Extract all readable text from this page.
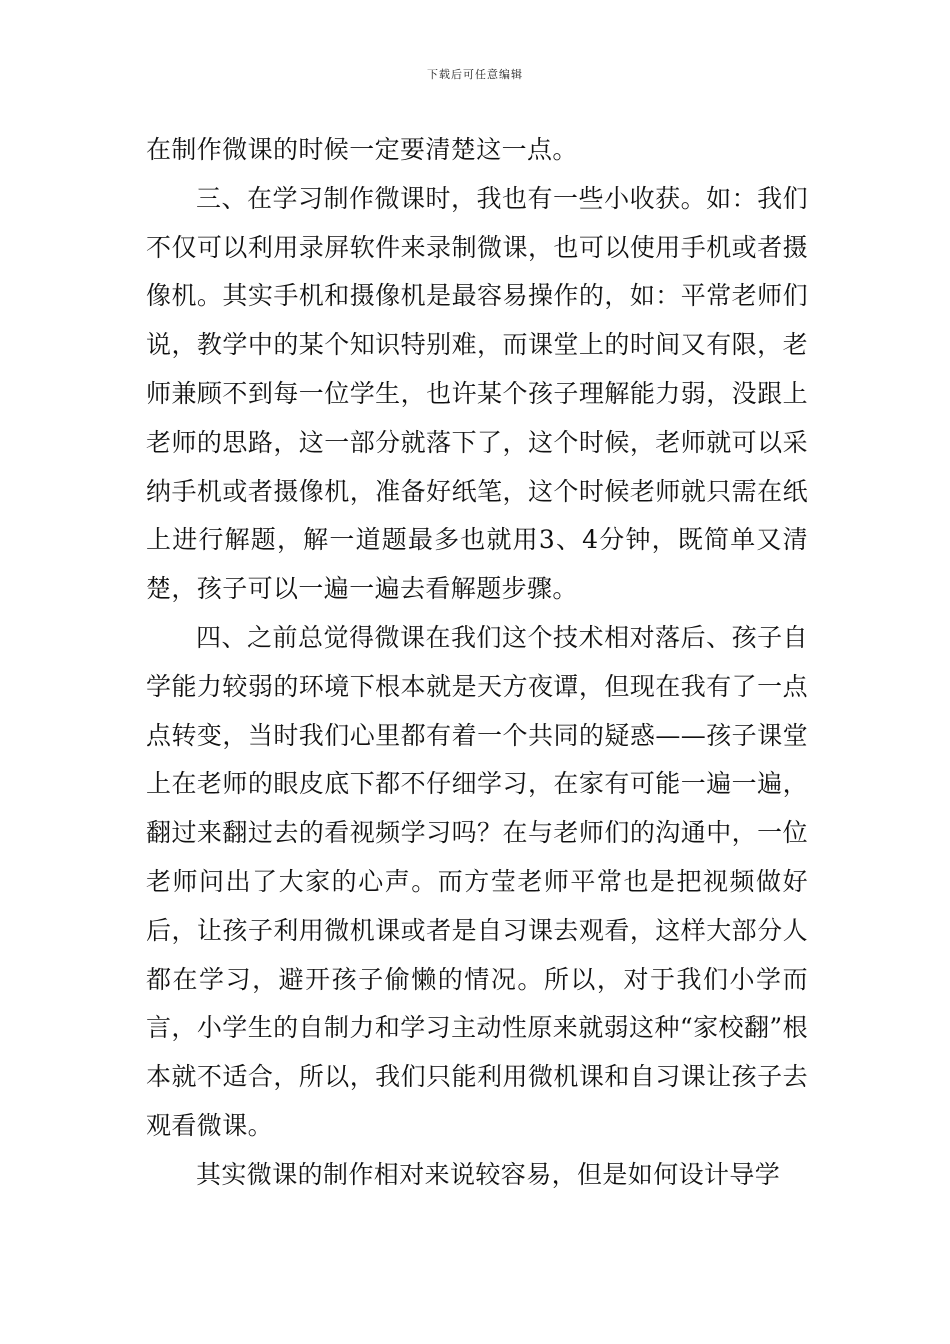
下载后可任意编辑

在制作微课的时候一定要清楚这一点。

三、在学习制作微课时，我也有一些小收获。如：我们不仅可以利用录屏软件来录制微课，也可以使用手机或者摄像机。其实手机和摄像机是最容易操作的，如：平常老师们说，教学中的某个知识特别难，而课堂上的时间又有限，老师兼顾不到每一位学生，也许某个孩子理解能力弱，没跟上老师的思路，这一部分就落下了，这个时候，老师就可以采纳手机或者摄像机，准备好纸笔，这个时候老师就只需在纸上进行解题，解一道题最多也就用3、4分钟，既简单又清楚，孩子可以一遍一遍去看解题步骤。

四、之前总觉得微课在我们这个技术相对落后、孩子自学能力较弱的环境下根本就是天方夜谭，但现在我有了一点点转变，当时我们心里都有着一个共同的疑惑——孩子课堂上在老师的眼皮底下都不仔细学习，在家有可能一遍一遍，翻过来翻过去的看视频学习吗？在与老师们的沟通中，一位老师问出了大家的心声。而方莹老师平常也是把视频做好后，让孩子利用微机课或者是自习课去观看，这样大部分人都在学习，避开孩子偷懒的情况。所以，对于我们小学而言，小学生的自制力和学习主动性原来就弱这种“家校翻”根本就不适合，所以，我们只能利用微机课和自习课让孩子去观看微课。

其实微课的制作相对来说较容易，但是如何设计导学
